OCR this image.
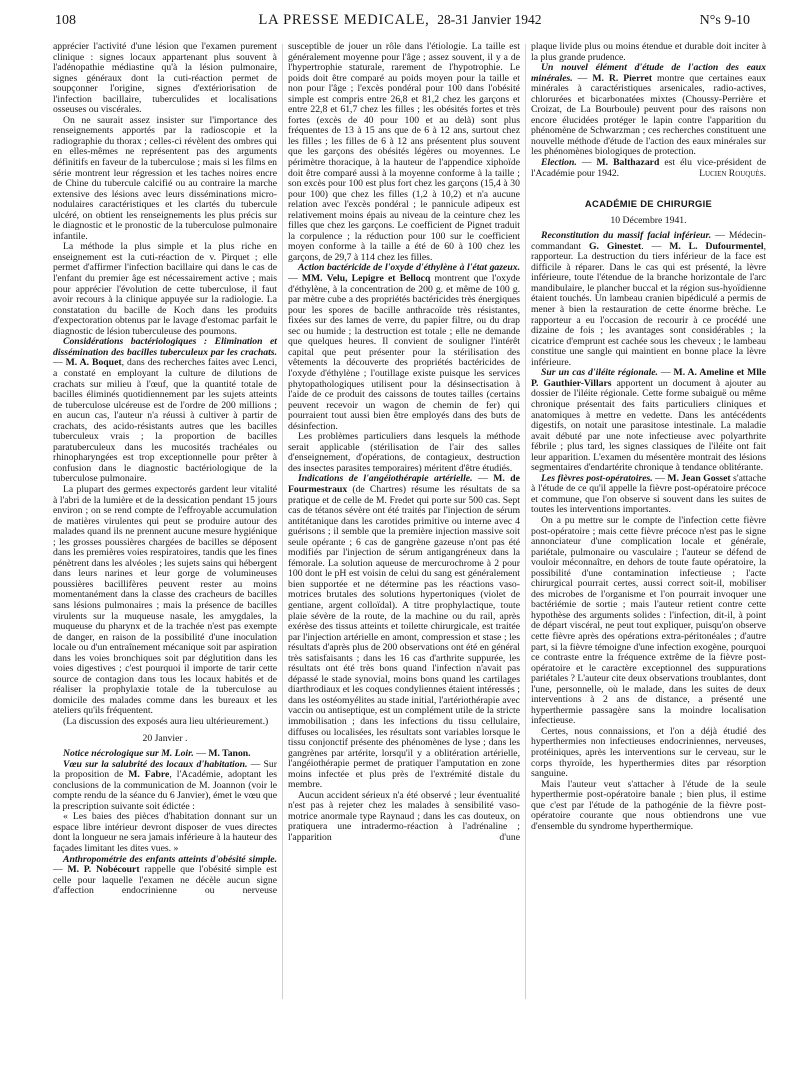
108	LA PRESSE MEDICALE, 28-31 Janvier 1942	N°s 9-10

apprécier l'activité d'une lésion que l'examen purement clinique : signes locaux appartenant plus souvent à l'adénopathie médiastine qu'à la lésion pulmonaire, signes généraux dont la cuti-réaction permet de soupçonner l'origine, signes d'extériorisation de l'infection bacillaire, tuberculides et localisations osseuses ou viscérales.

On ne saurait assez insister sur l'importance des renseignements apportés par la radioscopie et la radiographie du thorax ; celles-ci révèlent des ombres qui en elles-mêmes ne représentent pas des arguments définitifs en faveur de la tuberculose ; mais si les films en série montrent leur régression et les taches noires encre de Chine du tubercule calcifié ou au contraire la marche extensive des lésions avec leurs disséminations micro-nodulaires caractéristiques et les clartés du tubercule ulcéré, on obtient les renseignements les plus précis sur le diagnostic et le pronostic de la tuberculose pulmonaire infantile.

La méthode la plus simple et la plus riche en enseignement est la cuti-réaction de v. Pirquet ; elle permet d'affirmer l'infection bacillaire qui dans le cas de l'enfant du premier âge est nécessairement active ; mais pour apprécier l'évolution de cette tuberculose, il faut avoir recours à la clinique appuyée sur la radiologie. La constatation du bacille de Koch dans les produits d'expectoration obtenus par le lavage d'estomac parfait le diagnostic de lésion tuberculeuse des poumons.

Considérations bactériologiques : Elimination et dissémination des bacilles tuberculeux par les crachats. — M. A. Boquet, dans des recherches faites avec Lenci, a constaté en employant la culture de dilutions de crachats sur milieu à l'œuf, que la quantité totale de bacilles éliminés quotidiennement par les sujets atteints de tuberculose ulcéreuse est de l'ordre de 200 millions ; en aucun cas, l'auteur n'a réussi à cultiver à partir de crachats, des acido-résistants autres que les bacilles tuberculeux vrais ; la proportion de bacilles paratuberculeux dans les mucosités trachéales ou rhinopharyngées est trop exceptionnelle pour prêter à confusion dans le diagnostic bactériologique de la tuberculose pulmonaire.

La plupart des germes expectorés gardent leur vitalité à l'abri de la lumière et de la dessication pendant 15 jours environ ; on se rend compte de l'effroyable accumulation de matières virulentes qui peut se produire autour des malades quand ils ne prennent aucune mesure hygiénique ; les grosses poussières chargées de bacilles se déposent dans les premières voies respiratoires, tandis que les fines pénètrent dans les alvéoles ; les sujets sains qui hébergent dans leurs narines et leur gorge de volumineuses poussières bacillifères peuvent rester au moins momentanément dans la classe des cracheurs de bacilles sans lésions pulmonaires ; mais la présence de bacilles virulents sur la muqueuse nasale, les amygdales, la muqueuse du pharynx et de la trachée n'est pas exempte de danger, en raison de la possibilité d'une inoculation locale ou d'un entraînement mécanique soit par aspiration dans les voies bronchiques soit par déglutition dans les voies digestives ; c'est pourquoi il importe de tarir cette source de contagion dans tous les locaux habités et de réaliser la prophylaxie totale de la tuberculose au domicile des malades comme dans les bureaux et les ateliers qu'ils fréquentent.

(La discussion des exposés aura lieu ultérieurement.)

20 Janvier .

Notice nécrologique sur M. Loir. — M. Tanon.

Vœu sur la salubrité des locaux d'habitation. — Sur la proposition de M. Fabre, l'Académie, adoptant les conclusions de la communication de M. Joannon (voir le compte rendu de la séance du 6 Janvier), émet le vœu que la prescription suivante soit édictée :

« Les baies des pièces d'habitation donnant sur un espace libre intérieur devront disposer de vues directes dont la longueur ne sera jamais inférieure à la hauteur des façades limitant les dites vues. »

Anthropométrie des enfants atteints d'obésité simple. — M. P. Nobécourt rappelle que l'obésité simple est celle pour laquelle l'examen ne décèle aucun signe d'affection endocrinienne ou nerveuse

susceptible de jouer un rôle dans l'étiologie. La taille est généralement moyenne pour l'âge ; assez souvent, il y a de l'hypertrophie staturale, rarement de l'hypotrophie. Le poids doit être comparé au poids moyen pour la taille et non pour l'âge ; l'excès pondéral pour 100 dans l'obésité simple est compris entre 26,8 et 81,2 chez les garçons et entre 22,8 et 61,7 chez les filles ; les obésités fortes et très fortes (excès de 40 pour 100 et au delà) sont plus fréquentes de 13 à 15 ans que de 6 à 12 ans, surtout chez les filles ; les filles de 6 à 12 ans présentent plus souvent que les garçons des obésités légères ou moyennes. Le périmètre thoracique, à la hauteur de l'appendice xiphoïde doit être comparé aussi à la moyenne conforme à la taille ; son excès pour 100 est plus fort chez les garçons (15,4 à 30 pour 100) que chez les filles (1,2 à 10,2) et n'a aucune relation avec l'excès pondéral ; le pannicule adipeux est relativement moins épais au niveau de la ceinture chez les filles que chez les garçons. Le coefficient de Pignet traduit la corpulence ; la réduction pour 100 sur le coefficient moyen conforme à la taille a été de 60 à 100 chez les garçons, de 29,7 à 114 chez les filles.

Action bactéricide de l'oxyde d'éthylène à l'état gazeux. — MM. Velu, Lepigre et Bellocq montrent que l'oxyde d'éthylène, à la concentration de 200 g. et même de 100 g. par mètre cube a des propriétés bactéricides très énergiques pour les spores de bacille anthracoïde très résistantes, fixées sur des lames de verre, du papier filtre, ou du drap sec ou humide ; la destruction est totale ; elle ne demande que quelques heures. Il convient de souligner l'intérêt capital que peut présenter pour la stérilisation des vêtements la découverte des propriétés bactéricides de l'oxyde d'éthylène ; l'outillage existe puisque les services phytopathologiques utilisent pour la désinsectisation à l'aide de ce produit des caissons de toutes tailles (certains peuvent recevoir un wagon de chemin de fer) qui pourraient tout aussi bien être employés dans des buts de désinfection.

Les problèmes particuliers dans lesquels la méthode serait applicable (stérilisation de l'air des salles d'enseignement, d'opérations, de contagieux, destruction des insectes parasites temporaires) méritent d'être étudiés.

Indications de l'angéiothérapie artérielle. — M. de Fourmestraux (de Chartres) résume les résultats de sa pratique et de celle de M. Fredet qui porte sur 500 cas. Sept cas de tétanos sévère ont été traités par l'injection de sérum antitétanique dans les carotides primitive ou interne avec 4 guérisons ; il semble que la première injection massive soit seule opérante ; 6 cas de gangrène gazeuse n'ont pas été modifiés par l'injection de sérum antigangréneux dans la fémorale. La solution aqueuse de mercurochrome à 2 pour 100 dont le pH est voisin de celui du sang est généralement bien supportée et ne détermine pas les réactions vaso-motrices brutales des solutions hypertoniques (violet de gentiane, argent colloïdal). A titre prophylactique, toute plaie sévère de la route, de la machine ou du rail, après exérèse des tissus atteints et toilette chirurgicale, est traitée par l'injection artérielle en amont, compression et stase ; les résultats d'après plus de 200 observations ont été en général très satisfaisants ; dans les 16 cas d'arthrite suppurée, les résultats ont été très bons quand l'infection n'avait pas dépassé le stade synovial, moins bons quand les cartilages diarthrodiaux et les coques condyliennes étaient intéressés ; dans les ostéomyélites au stade initial, l'artériothérapie avec vaccin ou antiseptique, est un complément utile de la stricte immobilisation ; dans les infections du tissu cellulaire, diffuses ou localisées, les résultats sont variables lorsque le tissu conjonctif présente des phénomènes de lyse ; dans les gangrènes par artérite, lorsqu'il y a oblitération artérielle, l'angéiothérapie permet de pratiquer l'amputation en zone moins infectée et plus près de l'extrémité distale du membre.

Aucun accident sérieux n'a été observé ; leur éventualité n'est pas à rejeter chez les malades à sensibilité vaso-motrice anormale type Raynaud ; dans les cas douteux, on pratiquera une intradermo-réaction à l'adrénaline ; l'apparition d'une

plaque livide plus ou moins étendue et durable doit inciter à la plus grande prudence.

Un nouvel élément d'étude de l'action des eaux minérales. — M. R. Pierret montre que certaines eaux minérales à caractéristiques arsenicales, radio-actives, chlorurées et bicarbonatées mixtes (Choussy-Perrière et Croizat, de La Bourboule) peuvent pour des raisons non encore élucidées protéger le lapin contre l'apparition du phénomène de Schwarzman ; ces recherches constituent une nouvelle méthode d'étude de l'action des eaux minérales sur les phénomènes biologiques de protection.

Election. — M. Balthazard est élu vice-président de l'Académie pour 1942.	Lucien Rouquès.

ACADÉMIE DE CHIRURGIE

10 Décembre 1941.

Reconstitution du massif facial inférieur. — Médecin-commandant G. Ginestet. — M. L. Dufourmentel, rapporteur. La destruction du tiers inférieur de la face est difficile à réparer. Dans le cas qui est présenté, la lèvre inférieure, toute l'étendue de la branche horizontale de l'arc mandibulaire, le plancher buccal et la région sus-hyoïdienne étaient touchés. Un lambeau cranien bipédiculé a permis de mener à bien la restauration de cette énorme brèche. Le rapporteur a eu l'occasion de recourir à ce procédé une dizaine de fois ; les avantages sont considérables ; la cicatrice d'emprunt est cachée sous les cheveux ; le lambeau constitue une sangle qui maintient en bonne place la lèvre inférieure.

Sur un cas d'iléite régionale. — M. A. Ameline et Mlle P. Gauthier-Villars apportent un document à ajouter au dossier de l'iléite régionale. Cette forme subaiguë ou même chronique présentait des faits particuliers cliniques et anatomiques à mettre en vedette. Dans les antécédents digestifs, on notait une parasitose intestinale. La maladie avait débuté par une note infectieuse avec polyarthrite fébrile ; plus tard, les signes classiques de l'iléite ont fait leur apparition. L'examen du mésentère montrait des lésions segmentaires d'endartérite chronique à tendance oblitérante.

Les fièvres post-opératoires. — M. Jean Gosset s'attache à l'étude de ce qu'il appelle la fièvre post-opératoire précoce et commune, que l'on observe si souvent dans les suites de toutes les interventions importantes.

On a pu mettre sur le compte de l'infection cette fièvre post-opératoire ; mais cette fièvre précoce n'est pas le signe annonciateur d'une complication locale et générale, pariétale, pulmonaire ou vasculaire ; l'auteur se défend de vouloir méconnaître, en dehors de toute faute opératoire, la possibilité d'une contamination infectieuse ; l'acte chirurgical pourrait certes, aussi correct soit-il, mobiliser des microbes de l'organisme et l'on pourrait invoquer une bactériémie de sortie ; mais l'auteur retient contre cette hypothèse des arguments solides : l'infection, dit-il, à point de départ viscéral, ne peut tout expliquer, puisqu'on observe cette fièvre après des opérations extra-péritonéales ; d'autre part, si la fièvre témoigne d'une infection exogène, pourquoi ce contraste entre la fréquence extrême de la fièvre post-opératoire et le caractère exceptionnel des suppurations pariétales ? L'auteur cite deux observations troublantes, dont l'une, personnelle, où le malade, dans les suites de deux interventions à 2 ans de distance, a présenté une hyperthermie passagère sans la moindre localisation infectieuse.

Certes, nous connaissions, et l'on a déjà étudié des hyperthermies non infectieuses endocriniennes, nerveuses, protéiniques, après les interventions sur le cerveau, sur le corps thyroïde, les hyperthermies dites par résorption sanguine.

Mais l'auteur veut s'attacher à l'étude de la seule hyperthermie post-opératoire banale ; bien plus, il estime que c'est par l'étude de la pathogénie de la fièvre post-opératoire courante que nous obtiendrons une vue d'ensemble du syndrome hyperthermique.
